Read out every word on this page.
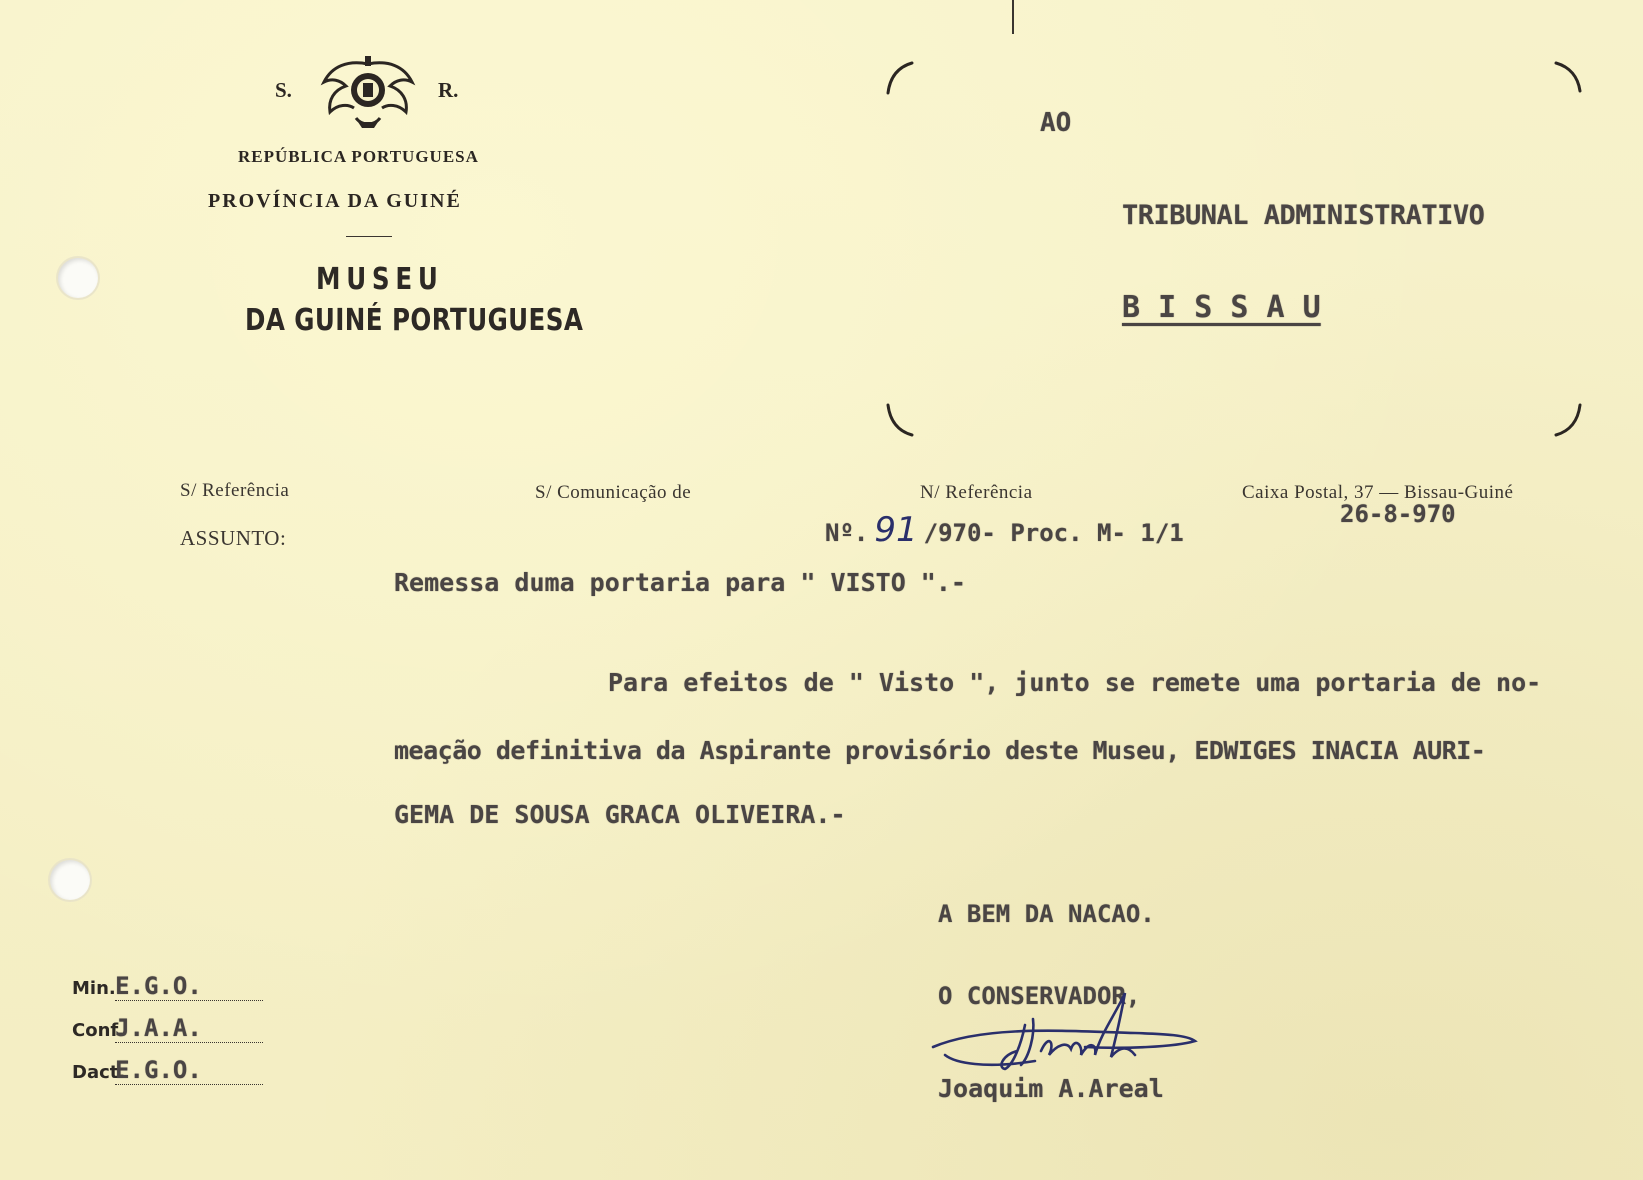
S.	R.
REPÚBLICA PORTUGUESA
PROVÍNCIA DA GUINÉ
MUSEU
DA GUINÉ PORTUGUESA
AO
TRIBUNAL ADMINISTRATIVO
B I S S A U
S/ Referência	S/ Comunicação de	N/ Referência	Caixa Postal, 37 — Bissau-Guiné
ASSUNTO:	Nº. 91 /970- Proc. M- 1/1
26-8-970
Remessa duma portaria para " VISTO ".-
Para efeitos de " Visto ", junto se remete uma portaria de no-
meação definitiva da Aspirante provisório deste Museu, EDWIGES INACIA AURI-
GEMA DE SOUSA GRACA OLIVEIRA.-
A BEM DA NACAO.
O CONSERVADOR,
Joaquim A.Areal
Min. E.G.O.
Conf. J.A.A.
Dact. E.G.O.
